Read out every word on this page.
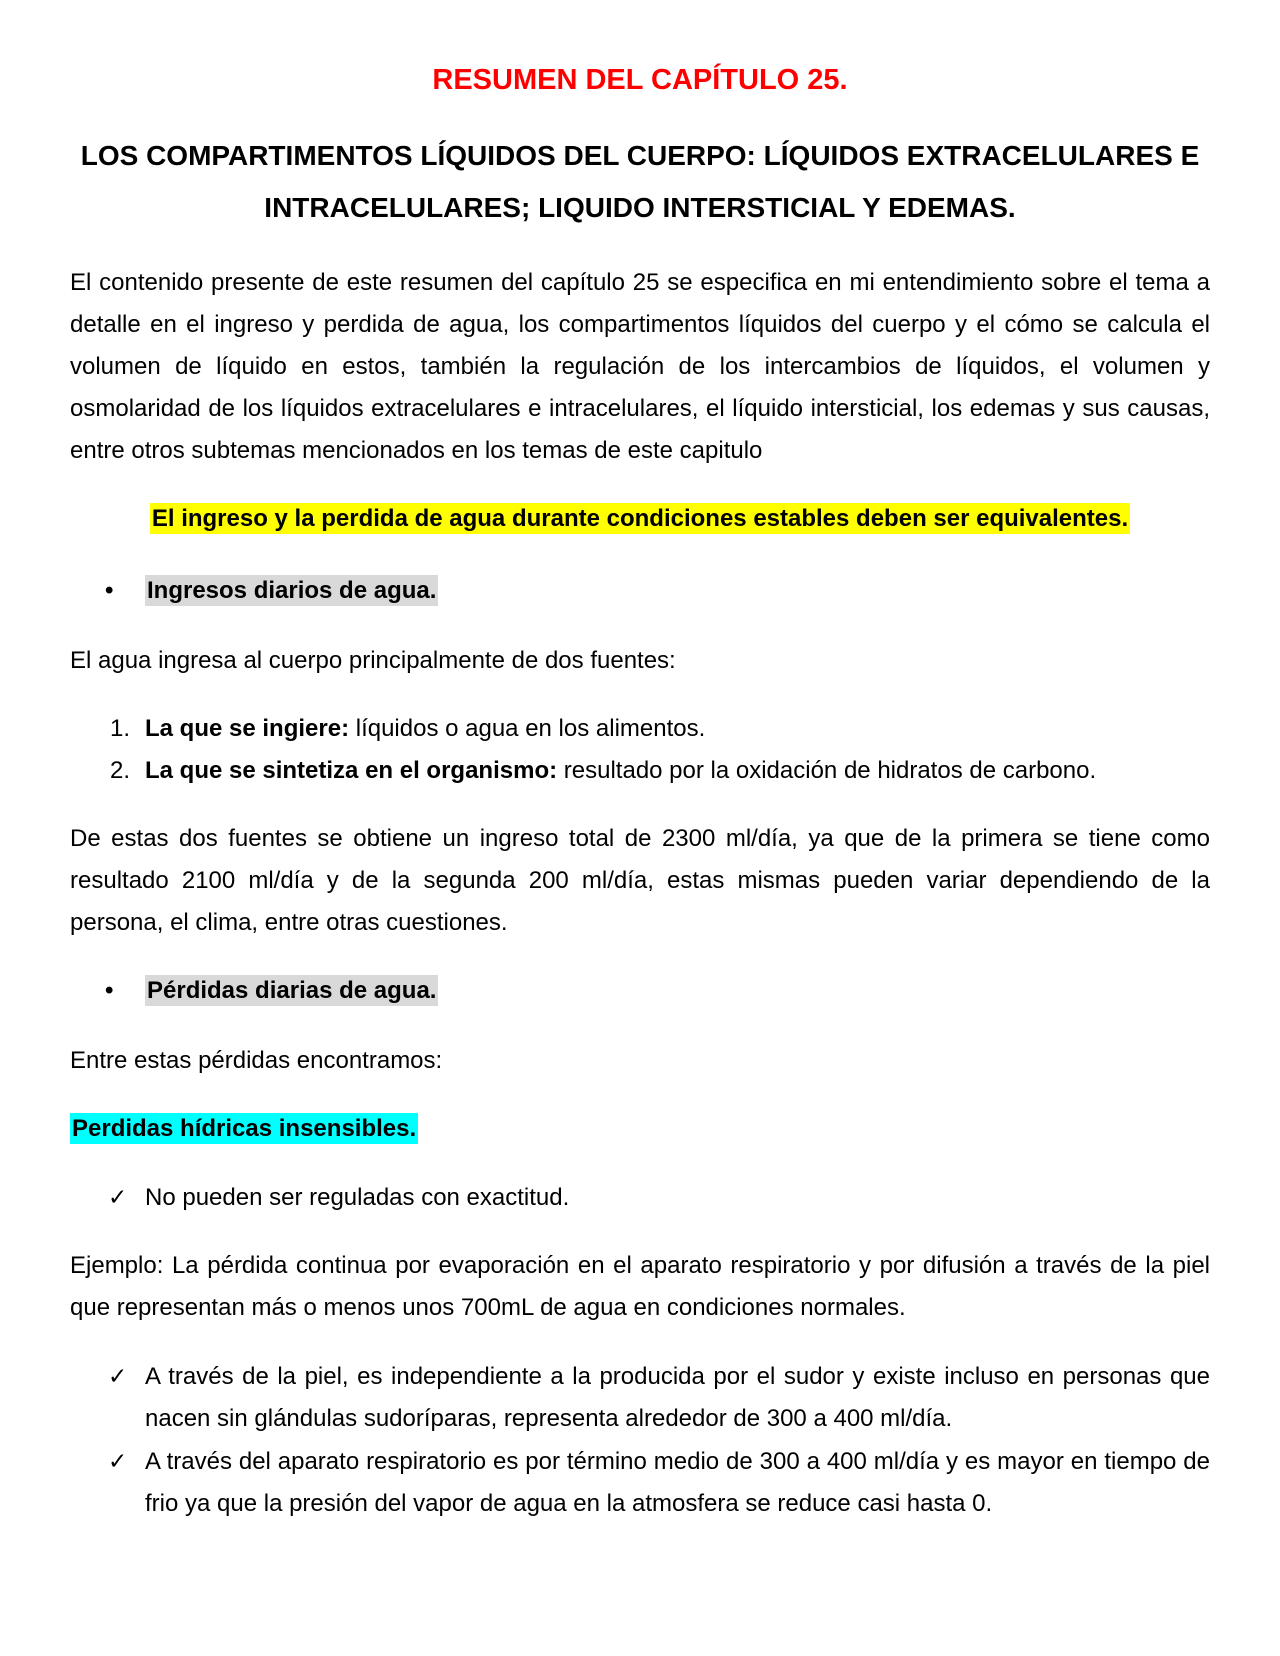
RESUMEN DEL CAPÍTULO 25.
LOS COMPARTIMENTOS LÍQUIDOS DEL CUERPO: LÍQUIDOS EXTRACELULARES E INTRACELULARES; LIQUIDO INTERSTICIAL Y EDEMAS.

El contenido presente de este resumen del capítulo 25 se especifica en mi entendimiento sobre el tema a detalle en el ingreso y perdida de agua, los compartimentos líquidos del cuerpo y el cómo se calcula el volumen de líquido en estos, también la regulación de los intercambios de líquidos, el volumen y osmolaridad de los líquidos extracelulares e intracelulares, el líquido intersticial, los edemas y sus causas, entre otros subtemas mencionados en los temas de este capitulo

El ingreso y la perdida de agua durante condiciones estables deben ser equivalentes.

•	Ingresos diarios de agua.

El agua ingresa al cuerpo principalmente de dos fuentes:

1. La que se ingiere: líquidos o agua en los alimentos.
2. La que se sintetiza en el organismo: resultado por la oxidación de hidratos de carbono.

De estas dos fuentes se obtiene un ingreso total de 2300 ml/día, ya que de la primera se tiene como resultado 2100 ml/día y de la segunda 200 ml/día, estas mismas pueden variar dependiendo de la persona, el clima, entre otras cuestiones.

•	Pérdidas diarias de agua.

Entre estas pérdidas encontramos:

Perdidas hídricas insensibles.

✓ No pueden ser reguladas con exactitud.

Ejemplo: La pérdida continua por evaporación en el aparato respiratorio y por difusión a través de la piel que representan más o menos unos 700mL de agua en condiciones normales.

✓ A través de la piel, es independiente a la producida por el sudor y existe incluso en personas que nacen sin glándulas sudoríparas, representa alrededor de 300 a 400 ml/día.
✓ A través del aparato respiratorio es por término medio de 300 a 400 ml/día y es mayor en tiempo de frio ya que la presión del vapor de agua en la atmosfera se reduce casi hasta 0.
